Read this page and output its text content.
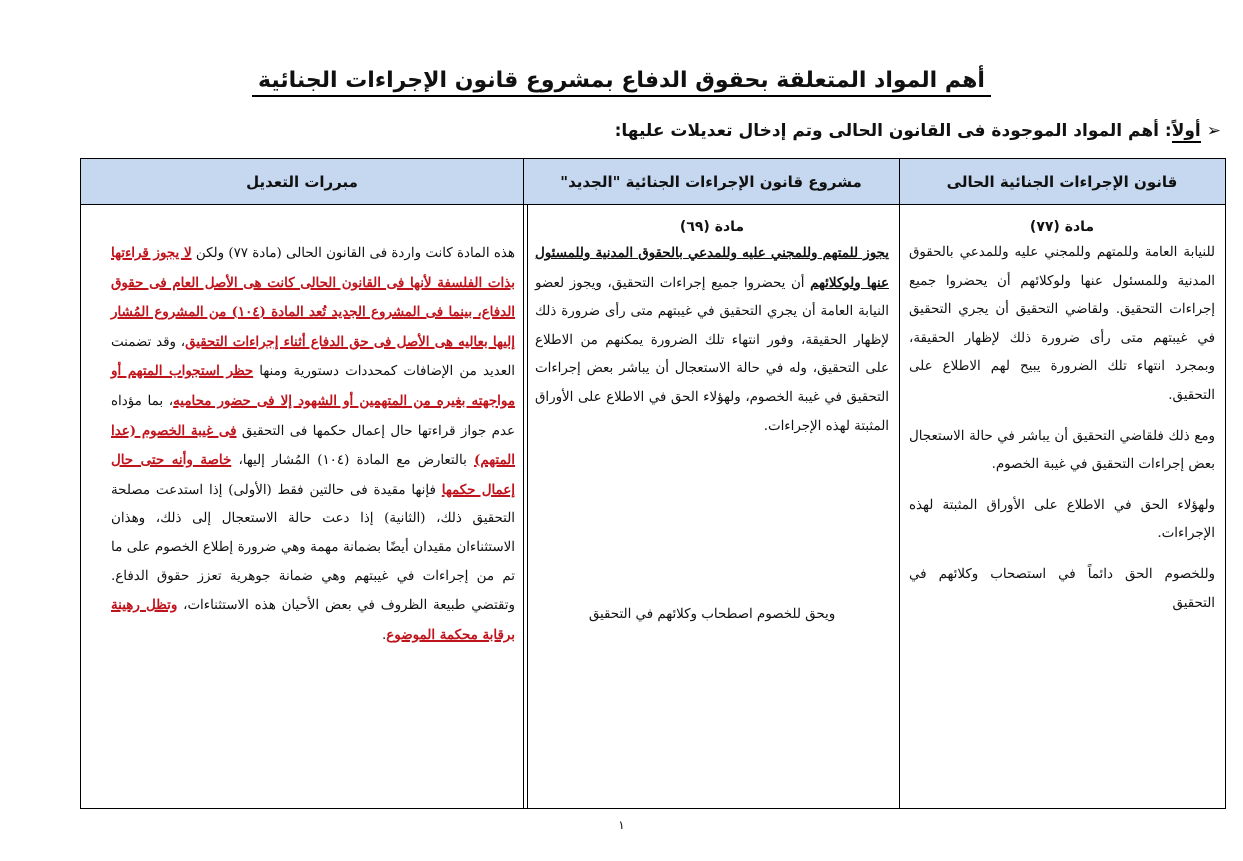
أهم المواد المتعلقة بحقوق الدفاع بمشروع قانون الإجراءات الجنائية
➢أولاً: أهم المواد الموجودة فى القانون الحالى وتم إدخال تعديلات عليها:
قانون الإجراءات الجنائية الحالى
مشروع قانون الإجراءات الجنائية "الجديد"
مبررات التعديل

مادة (٧٧)

للنيابة العامة وللمتهم وللمجني عليه وللمدعي بالحقوق المدنية وللمسئول عنها ولوكلائهم أن يحضروا جميع إجراءات التحقيق. ولقاضي التحقيق أن يجري التحقيق في غيبتهم متى رأى ضرورة ذلك لإظهار الحقيقة، وبمجرد انتهاء تلك الضرورة يبيح لهم الاطلاع على التحقيق.

ومع ذلك فلقاضي التحقيق أن يباشر في حالة الاستعجال بعض إجراءات التحقيق في غيبة الخصوم.

ولهؤلاء الحق في الاطلاع على الأوراق المثبتة لهذه الإجراءات.

وللخصوم الحق دائماً في استصحاب وكلائهم في التحقيق

مادة (٦٩)

يجوز للمتهم وللمجني عليه وللمدعي بالحقوق المدنية وللمسئول عنها ولوكلائهم أن يحضروا جميع إجراءات التحقيق، ويجوز لعضو النيابة العامة أن يجري التحقيق في غيبتهم متى رأى ضرورة ذلك لإظهار الحقيقة، وفور انتهاء تلك الضرورة يمكنهم من الاطلاع على التحقيق، وله في حالة الاستعجال أن يباشر بعض إجراءات التحقيق في غيبة الخصوم، ولهؤلاء الحق في الاطلاع على الأوراق المثبتة لهذه الإجراءات.

ويحق للخصوم اصطحاب وكلائهم في التحقيق

هذه المادة كانت واردة فى القانون الحالى (مادة ٧٧) ولكن لا يجوز قراءتها بذات الفلسفة لأنها فى القانون الحالى كانت هى الأصل العام فى حقوق الدفاع، بينما فى المشروع الجديد تُعد المادة (١٠٤) من المشروع المُشار إليها بعاليه هى الأصل فى حق الدفاع أثناء إجراءات التحقيق، وقد تضمنت العديد من الإضافات كمحددات دستورية ومنها حظر استجواب المتهم أو مواجهته بغيره من المتهمين أو الشهود إلا فى حضور محاميه، بما مؤداه عدم جواز قراءتها حال إعمال حكمها فى التحقيق فى غيبة الخصوم (عدا المتهم) بالتعارض مع المادة (١٠٤) المُشار إليها، خاصة وأنه حتى حال إعمال حكمها فإنها مقيدة فى حالتين فقط (الأولى) إذا استدعت مصلحة التحقيق ذلك، (الثانية) إذا دعت حالة الاستعجال إلى ذلك، وهذان الاستثناءان مقيدان أيضًا بضمانة مهمة وهي ضرورة إطلاع الخصوم على ما تم من إجراءات في غيبتهم وهي ضمانة جوهرية تعزز حقوق الدفاع. وتقتضي طبيعة الظروف في بعض الأحيان هذه الاستثناءات، وتظل رهينة برقابة محكمة الموضوع.

١
